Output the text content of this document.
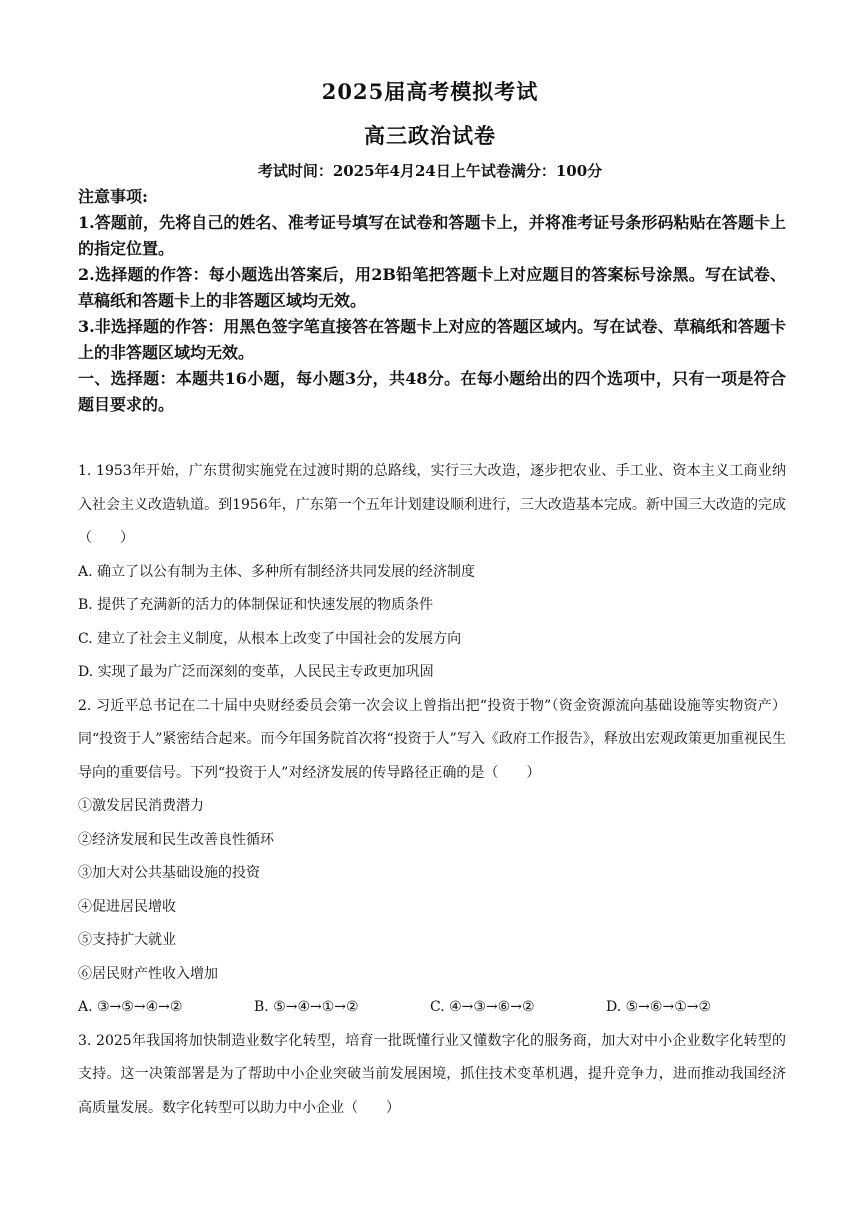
2025届高考模拟考试
高三政治试卷
考试时间：2025年4月24日上午试卷满分：100分

注意事项:

1.答题前，先将自己的姓名、准考证号填写在试卷和答题卡上，并将准考证号条形码粘贴在答题卡上的指定位置。

2.选择题的作答：每小题选出答案后，用2B铅笔把答题卡上对应题目的答案标号涂黑。写在试卷、草稿纸和答题卡上的非答题区域均无效。

3.非选择题的作答：用黑色签字笔直接答在答题卡上对应的答题区域内。写在试卷、草稿纸和答题卡上的非答题区域均无效。

一、选择题：本题共16小题，每小题3分，共48分。在每小题给出的四个选项中，只有一项是符合题目要求的。

1. 1953年开始，广东贯彻实施党在过渡时期的总路线，实行三大改造，逐步把农业、手工业、资本主义工商业纳入社会主义改造轨道。到1956年，广东第一个五年计划建设顺利进行，三大改造基本完成。新中国三大改造的完成（　　）

A. 确立了以公有制为主体、多种所有制经济共同发展的经济制度

B. 提供了充满新的活力的体制保证和快速发展的物质条件

C. 建立了社会主义制度，从根本上改变了中国社会的发展方向

D. 实现了最为广泛而深刻的变革，人民民主专政更加巩固

2. 习近平总书记在二十届中央财经委员会第一次会议上曾指出把“投资于物”（资金资源流向基础设施等实物资产）同“投资于人”紧密结合起来。而今年国务院首次将“投资于人”写入《政府工作报告》，释放出宏观政策更加重视民生导向的重要信号。下列“投资于人”对经济发展的传导路径正确的是（　　）

①激发居民消费潜力

②经济发展和民生改善良性循环

③加大对公共基础设施的投资

④促进居民增收

⑤支持扩大就业

⑥居民财产性收入增加

A. ③→⑤→④→②	B. ⑤→④→①→②	C. ④→③→⑥→②	D. ⑤→⑥→①→②

3. 2025年我国将加快制造业数字化转型，培育一批既懂行业又懂数字化的服务商，加大对中小企业数字化转型的支持。这一决策部署是为了帮助中小企业突破当前发展困境，抓住技术变革机遇，提升竞争力，进而推动我国经济高质量发展。数字化转型可以助力中小企业（　　）
